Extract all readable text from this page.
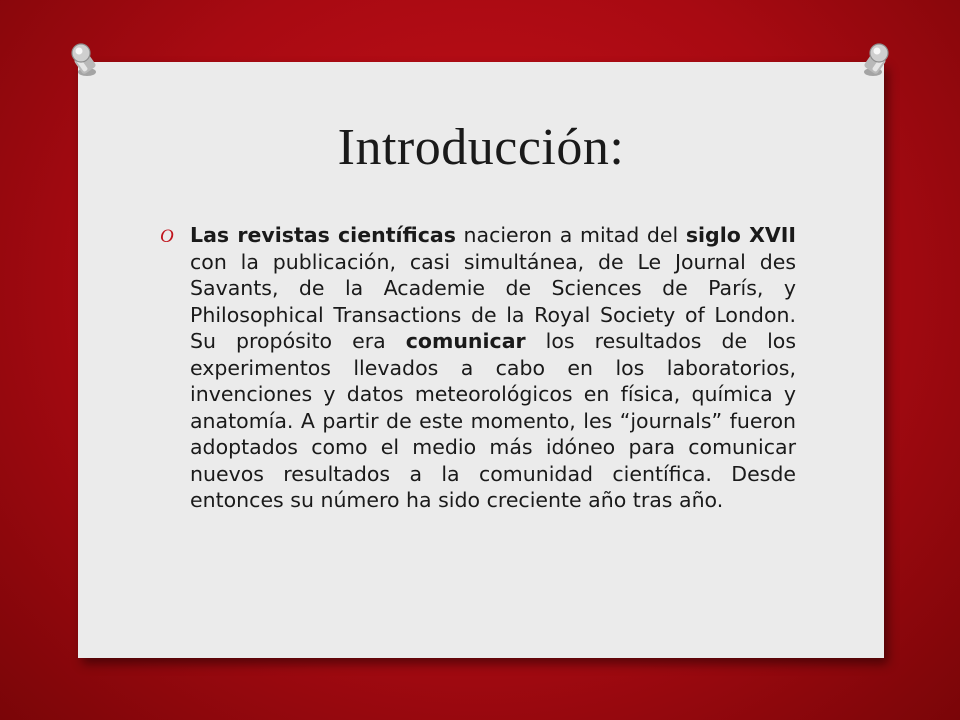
Introducción:
O Las revistas científicas nacieron a mitad del siglo XVII con la publicación, casi simultánea, de Le Journal des Savants, de la Academie de Sciences de París, y Philosophical Transactions de la Royal Society of London. Su propósito era comunicar los resultados de los experimentos llevados a cabo en los laboratorios, invenciones y datos meteorológicos en física, química y anatomía. A partir de este momento, les “journals” fueron adoptados como el medio más idóneo para comunicar nuevos resultados a la comunidad científica. Desde entonces su número ha sido creciente año tras año.
